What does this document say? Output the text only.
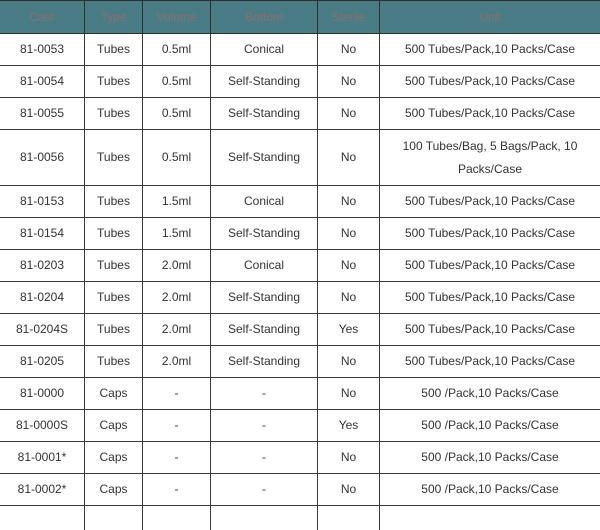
Cat#	Type	Volume	Bottom	Sterile	Unit
81-0053	Tubes	0.5ml	Conical	No	500 Tubes/Pack,10 Packs/Case
81-0054	Tubes	0.5ml	Self-Standing	No	500 Tubes/Pack,10 Packs/Case
81-0055	Tubes	0.5ml	Self-Standing	No	500 Tubes/Pack,10 Packs/Case
81-0056	Tubes	0.5ml	Self-Standing	No	100 Tubes/Bag, 5 Bags/Pack, 10 Packs/Case
81-0153	Tubes	1.5ml	Conical	No	500 Tubes/Pack,10 Packs/Case
81-0154	Tubes	1.5ml	Self-Standing	No	500 Tubes/Pack,10 Packs/Case
81-0203	Tubes	2.0ml	Conical	No	500 Tubes/Pack,10 Packs/Case
81-0204	Tubes	2.0ml	Self-Standing	No	500 Tubes/Pack,10 Packs/Case
81-0204S	Tubes	2.0ml	Self-Standing	Yes	500 Tubes/Pack,10 Packs/Case
81-0205	Tubes	2.0ml	Self-Standing	No	500 Tubes/Pack,10 Packs/Case
81-0000	Caps	-	-	No	500 /Pack,10 Packs/Case
81-0000S	Caps	-	-	Yes	500 /Pack,10 Packs/Case
81-0001*	Caps	-	-	No	500 /Pack,10 Packs/Case
81-0002*	Caps	-	-	No	500 /Pack,10 Packs/Case
